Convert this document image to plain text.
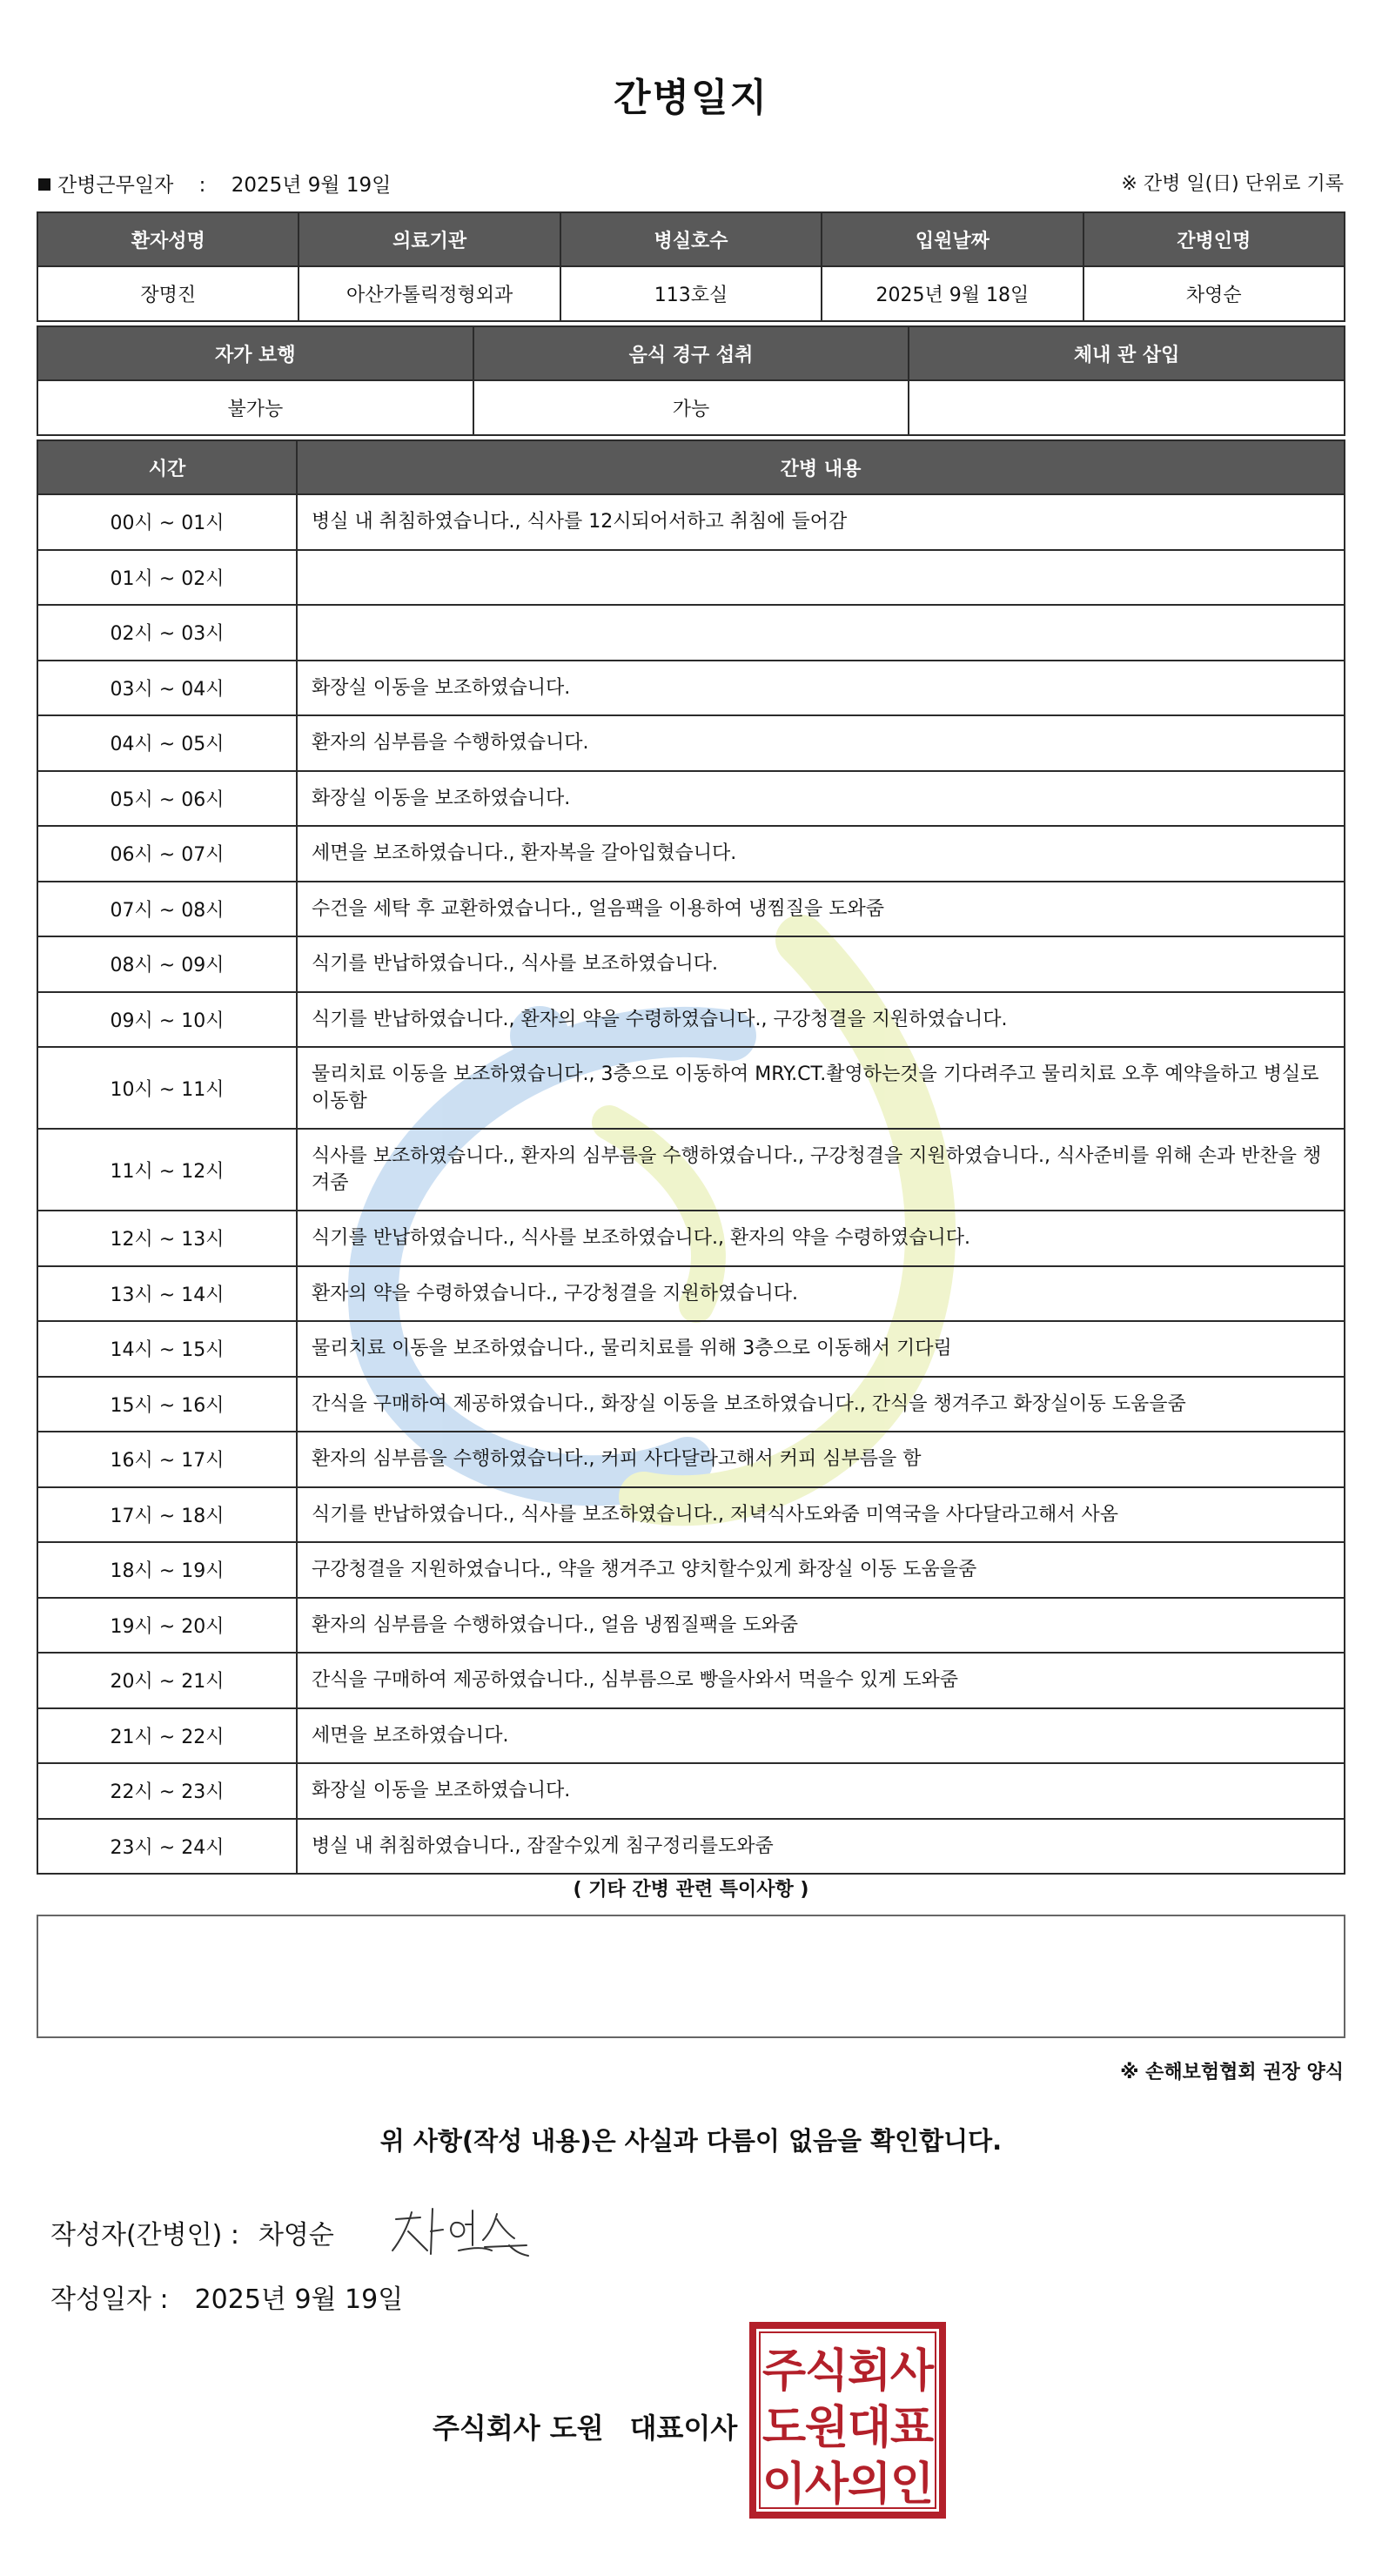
간병일지
간병근무일자 : 2025년 9월 19일	※ 간병 일(日) 단위로 기록
환자성명	의료기관	병실호수	입원날짜	간병인명
장명진	아산가톨릭정형외과	113호실	2025년 9월 18일	차영순
자가 보행	음식 경구 섭취	체내 관 삽입
불가능	가능	
시간	간병 내용
00시 ~ 01시	병실 내 취침하였습니다., 식사를 12시되어서하고 취침에 들어감
01시 ~ 02시	
02시 ~ 03시	
03시 ~ 04시	화장실 이동을 보조하였습니다.
04시 ~ 05시	환자의 심부름을 수행하였습니다.
05시 ~ 06시	화장실 이동을 보조하였습니다.
06시 ~ 07시	세면을 보조하였습니다., 환자복을 갈아입혔습니다.
07시 ~ 08시	수건을 세탁 후 교환하였습니다., 얼음팩을 이용하여 냉찜질을 도와줌
08시 ~ 09시	식기를 반납하였습니다., 식사를 보조하였습니다.
09시 ~ 10시	식기를 반납하였습니다., 환자의 약을 수령하였습니다., 구강청결을 지원하였습니다.
10시 ~ 11시	물리치료 이동을 보조하였습니다., 3층으로 이동하여 MRY.CT.촬영하는것을 기다려주고 물리치료 오후 예약을하고 병실로 이동함
11시 ~ 12시	식사를 보조하였습니다., 환자의 심부름을 수행하였습니다., 구강청결을 지원하였습니다., 식사준비를 위해 손과 반찬을 챙겨줌
12시 ~ 13시	식기를 반납하였습니다., 식사를 보조하였습니다., 환자의 약을 수령하였습니다.
13시 ~ 14시	환자의 약을 수령하였습니다., 구강청결을 지원하였습니다.
14시 ~ 15시	물리치료 이동을 보조하였습니다., 물리치료를 위해 3층으로 이동해서 기다림
15시 ~ 16시	간식을 구매하여 제공하였습니다., 화장실 이동을 보조하였습니다., 간식을 챙겨주고 화장실이동 도움을줌
16시 ~ 17시	환자의 심부름을 수행하였습니다., 커피 사다달라고해서 커피 심부름을 함
17시 ~ 18시	식기를 반납하였습니다., 식사를 보조하였습니다., 저녁식사도와줌 미역국을 사다달라고해서 사옴
18시 ~ 19시	구강청결을 지원하였습니다., 약을 챙겨주고 양치할수있게 화장실 이동 도움을줌
19시 ~ 20시	환자의 심부름을 수행하였습니다., 얼음 냉찜질팩을 도와줌
20시 ~ 21시	간식을 구매하여 제공하였습니다., 심부름으로 빵을사와서 먹을수 있게 도와줌
21시 ~ 22시	세면을 보조하였습니다.
22시 ~ 23시	화장실 이동을 보조하였습니다.
23시 ~ 24시	병실 내 취침하였습니다., 잠잘수있게 침구정리를도와줌
( 기타 간병 관련 특이사항 )
※ 손해보험협회 권장 양식
위 사항(작성 내용)은 사실과 다름이 없음을 확인합니다.
작성자(간병인) : 차영순
작성일자 : 2025년 9월 19일
주식회사 도원 대표이사
주
식
회
사
도
원
대
표
이
사
의
인
